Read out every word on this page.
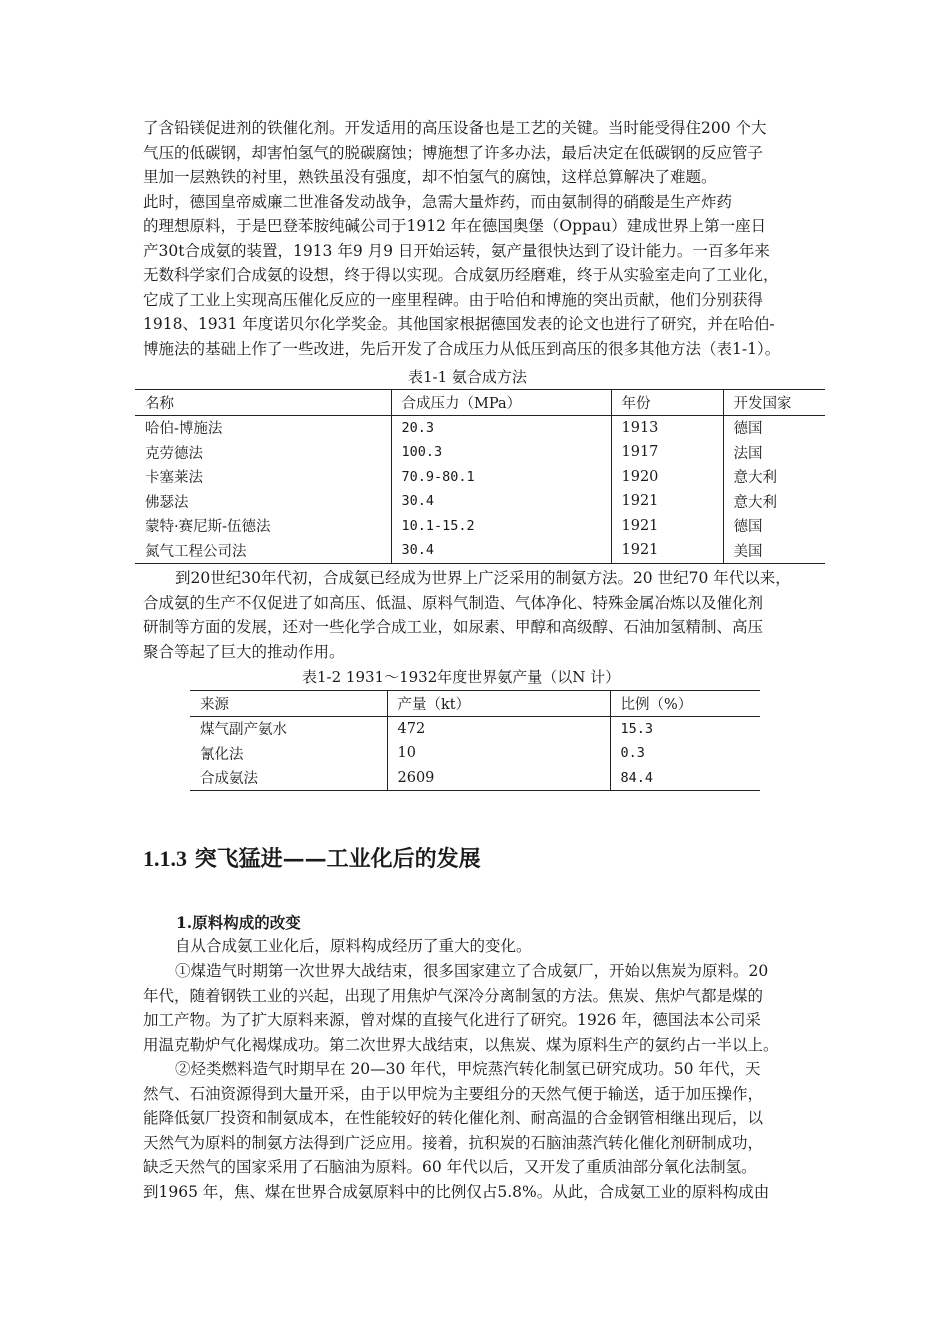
了含铅镁促进剂的铁催化剂。开发适用的高压设备也是工艺的关键。当时能受得住200 个大
气压的低碳钢，却害怕氢气的脱碳腐蚀；博施想了许多办法，最后决定在低碳钢的反应管子
里加一层熟铁的衬里，熟铁虽没有强度，却不怕氢气的腐蚀，这样总算解决了难题。
此时，德国皇帝威廉二世准备发动战争，急需大量炸药，而由氨制得的硝酸是生产炸药
的理想原料，于是巴登苯胺纯碱公司于1912 年在德国奥堡（Oppau）建成世界上第一座日
产30t合成氨的装置，1913 年9 月9 日开始运转，氨产量很快达到了设计能力。一百多年来
无数科学家们合成氨的设想，终于得以实现。合成氨历经磨难，终于从实验室走向了工业化，
它成了工业上实现高压催化反应的一座里程碑。由于哈伯和博施的突出贡献，他们分别获得
1918、1931 年度诺贝尔化学奖金。其他国家根据德国发表的论文也进行了研究，并在哈伯-
博施法的基础上作了一些改进，先后开发了合成压力从低压到高压的很多其他方法（表1-1）。

表1-1 氨合成方法

名称	合成压力（MPa）	年份	开发国家
哈伯-博施法	20.3	1913	德国
克劳德法	100.3	1917	法国
卡塞莱法	70.9-80.1	1920	意大利
佛瑟法	30.4	1921	意大利
蒙特·赛尼斯-伍德法	10.1-15.2	1921	德国
氮气工程公司法	30.4	1921	美国
到20世纪30年代初，合成氨已经成为世界上广泛采用的制氨方法。20 世纪70 年代以来，
合成氨的生产不仅促进了如高压、低温、原料气制造、气体净化、特殊金属冶炼以及催化剂
研制等方面的发展，还对一些化学合成工业，如尿素、甲醇和高级醇、石油加氢精制、高压
聚合等起了巨大的推动作用。

表1-2 1931～1932年度世界氨产量（以N 计）

来源	产量（kt）	比例（%）
煤气副产氨水	472	15.3
氰化法	10	0.3
合成氨法	2609	84.4
1.1.3 突飞猛进——工业化后的发展
1.原料构成的改变
自从合成氨工业化后，原料构成经历了重大的变化。
①煤造气时期第一次世界大战结束，很多国家建立了合成氨厂，开始以焦炭为原料。20
年代，随着钢铁工业的兴起，出现了用焦炉气深冷分离制氢的方法。焦炭、焦炉气都是煤的
加工产物。为了扩大原料来源，曾对煤的直接气化进行了研究。1926 年，德国法本公司采
用温克勒炉气化褐煤成功。第二次世界大战结束，以焦炭、煤为原料生产的氨约占一半以上。
②烃类燃料造气时期早在 20—30 年代，甲烷蒸汽转化制氢已研究成功。50 年代，天
然气、石油资源得到大量开采，由于以甲烷为主要组分的天然气便于输送，适于加压操作，
能降低氨厂投资和制氨成本，在性能较好的转化催化剂、耐高温的合金钢管相继出现后，以
天然气为原料的制氨方法得到广泛应用。接着，抗积炭的石脑油蒸汽转化催化剂研制成功，
缺乏天然气的国家采用了石脑油为原料。60 年代以后，又开发了重质油部分氧化法制氢。
到1965 年，焦、煤在世界合成氨原料中的比例仅占5.8%。从此，合成氨工业的原料构成由
